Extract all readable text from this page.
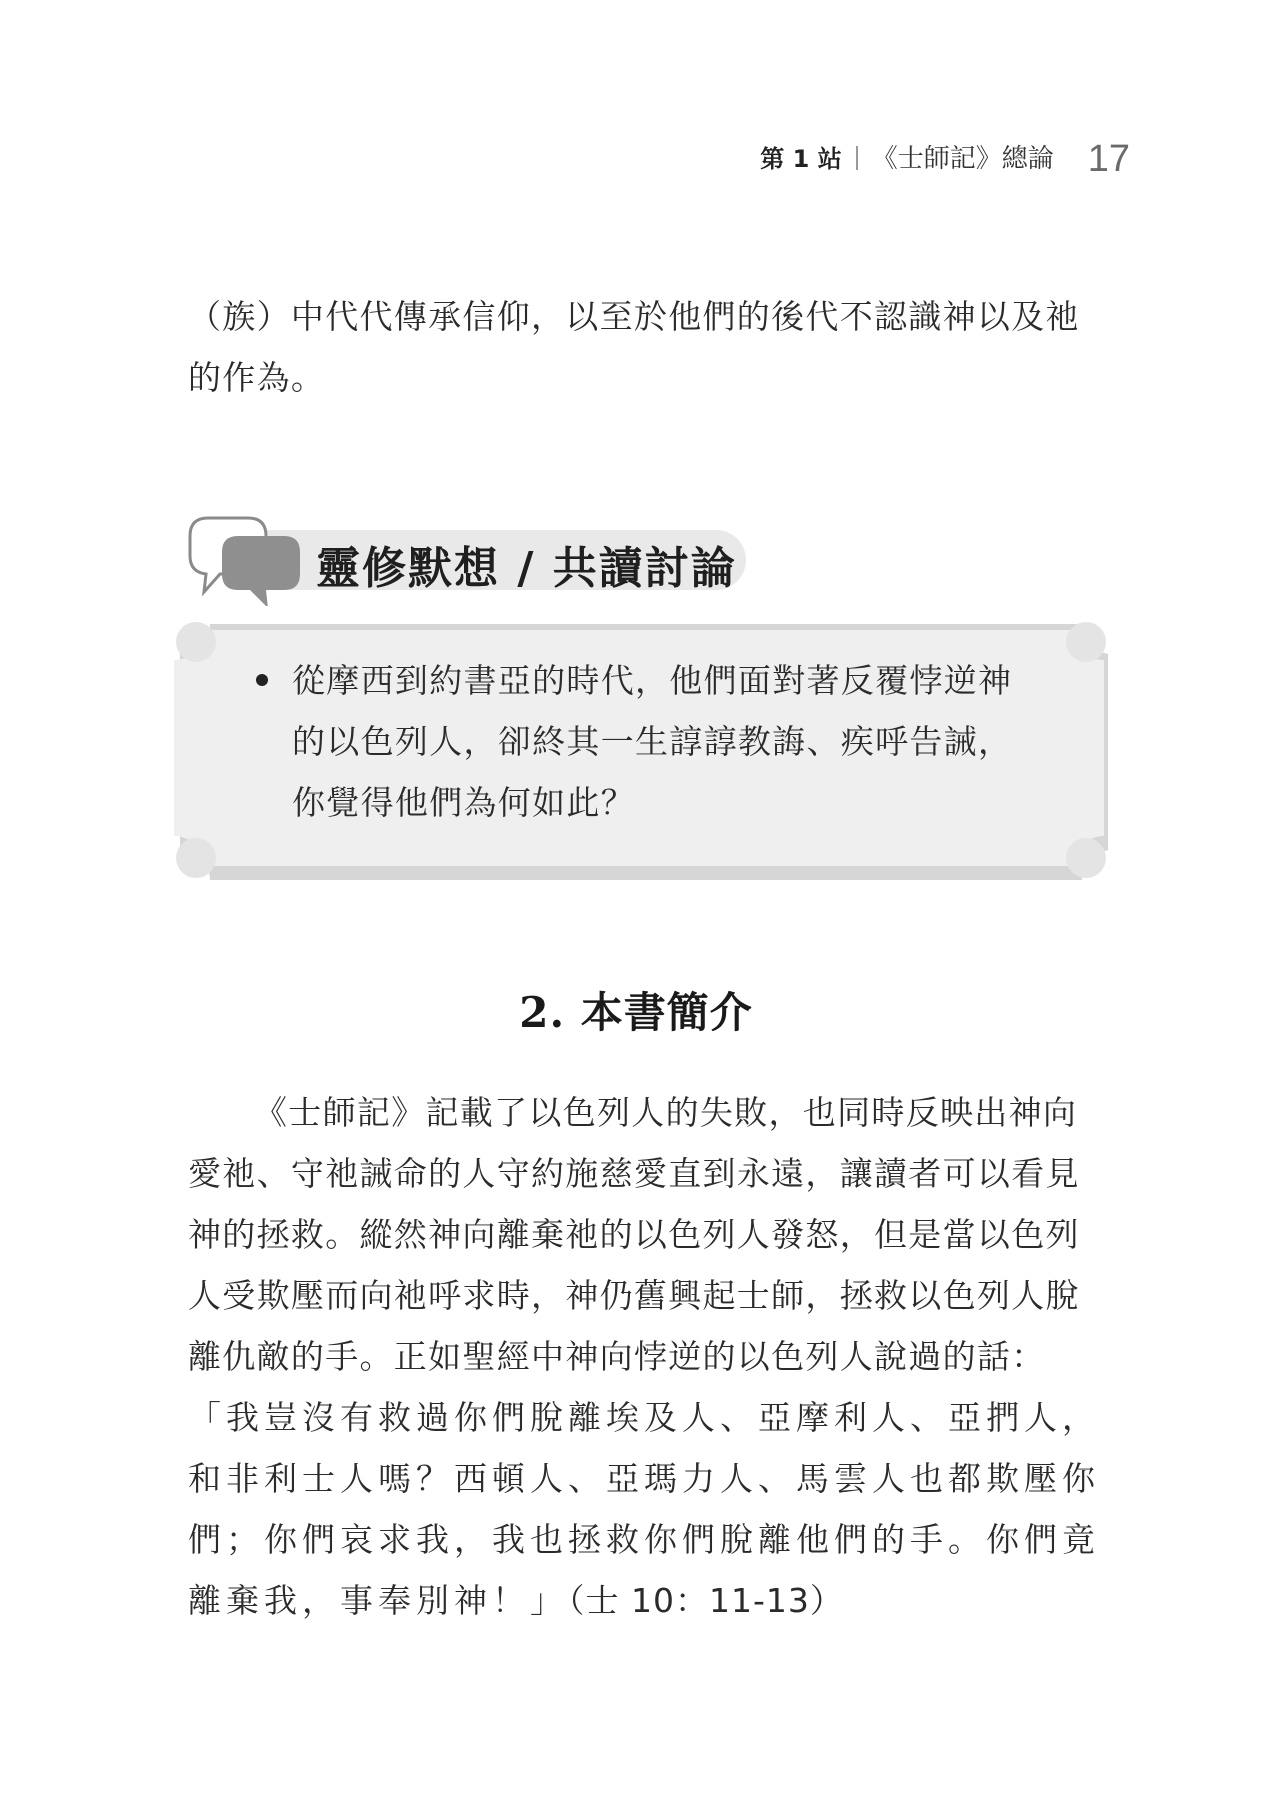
第 1 站 《士師記》總論 17
（族）中代代傳承信仰，以至於他們的後代不認識神以及祂
的作為。
靈修默想 / 共讀討論
從摩西到約書亞的時代，他們面對著反覆悖逆神
的以色列人，卻終其一生諄諄教誨、疾呼告誡，
你覺得他們為何如此？
2. 本書簡介
《士師記》記載了以色列人的失敗，也同時反映出神向
愛祂、守祂誡命的人守約施慈愛直到永遠，讓讀者可以看見
神的拯救。縱然神向離棄祂的以色列人發怒，但是當以色列
人受欺壓而向祂呼求時，神仍舊興起士師，拯救以色列人脫
離仇敵的手。正如聖經中神向悖逆的以色列人說過的話：
「我豈沒有救過你們脫離埃及人、亞摩利人、亞捫人，
和非利士人嗎？西頓人、亞瑪力人、馬雲人也都欺壓你
們；你們哀求我，我也拯救你們脫離他們的手。你們竟
離棄我，事奉別神！」（士 10：11-13）
